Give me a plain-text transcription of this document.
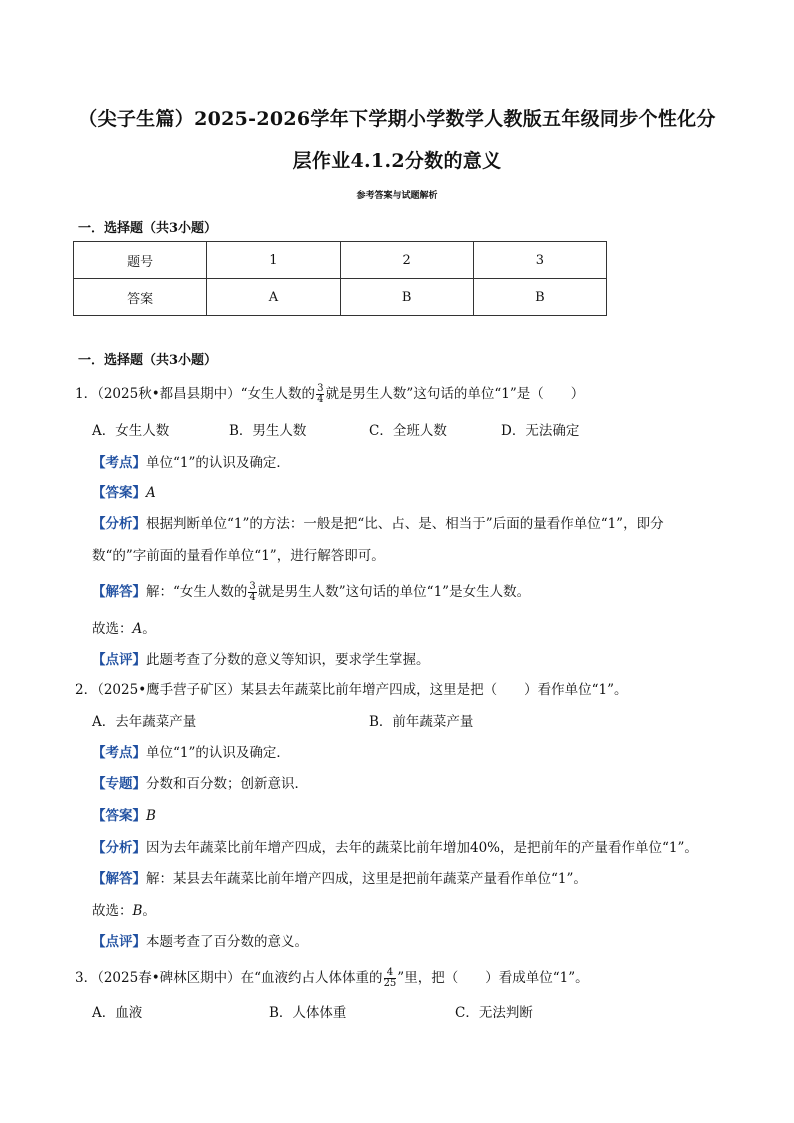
（尖子生篇）2025-2026学年下学期小学数学人教版五年级同步个性化分
层作业4.1.2分数的意义
参考答案与试题解析
一．选择题（共3小题）
题号	1	2	3
答案	A	B	B
一．选择题（共3小题）
1．（2025秋•都昌县期中）“女生人数的 $\frac{3}{4}$ 就是男生人数”这句话的单位“1”是（　　）
A．女生人数	B．男生人数	C．全班人数	D．无法确定
【考点】单位“1”的认识及确定．
【答案】A
【分析】根据判断单位“1”的方法：一般是把“比、占、是、相当于”后面的量看作单位“1”，即分
数“的”字前面的量看作单位“1”，进行解答即可。
【解答】解：“女生人数的 $\frac{3}{4}$ 就是男生人数”这句话的单位“1”是女生人数。
故选：A。
【点评】此题考查了分数的意义等知识，要求学生掌握。
2．（2025•鹰手营子矿区）某县去年蔬菜比前年增产四成，这里是把（　　）看作单位“1”。
A．去年蔬菜产量	B．前年蔬菜产量
【考点】单位“1”的认识及确定．
【专题】分数和百分数；创新意识．
【答案】B
【分析】因为去年蔬菜比前年增产四成，去年的蔬菜比前年增加40%，是把前年的产量看作单位“1”。
【解答】解：某县去年蔬菜比前年增产四成，这里是把前年蔬菜产量看作单位“1”。
故选：B。
【点评】本题考查了百分数的意义。
3．（2025春•碑林区期中）在“血液约占人体体重的 $\frac{4}{25}$ ”里，把（　　）看成单位“1”。
A．血液	B．人体体重	C．无法判断
